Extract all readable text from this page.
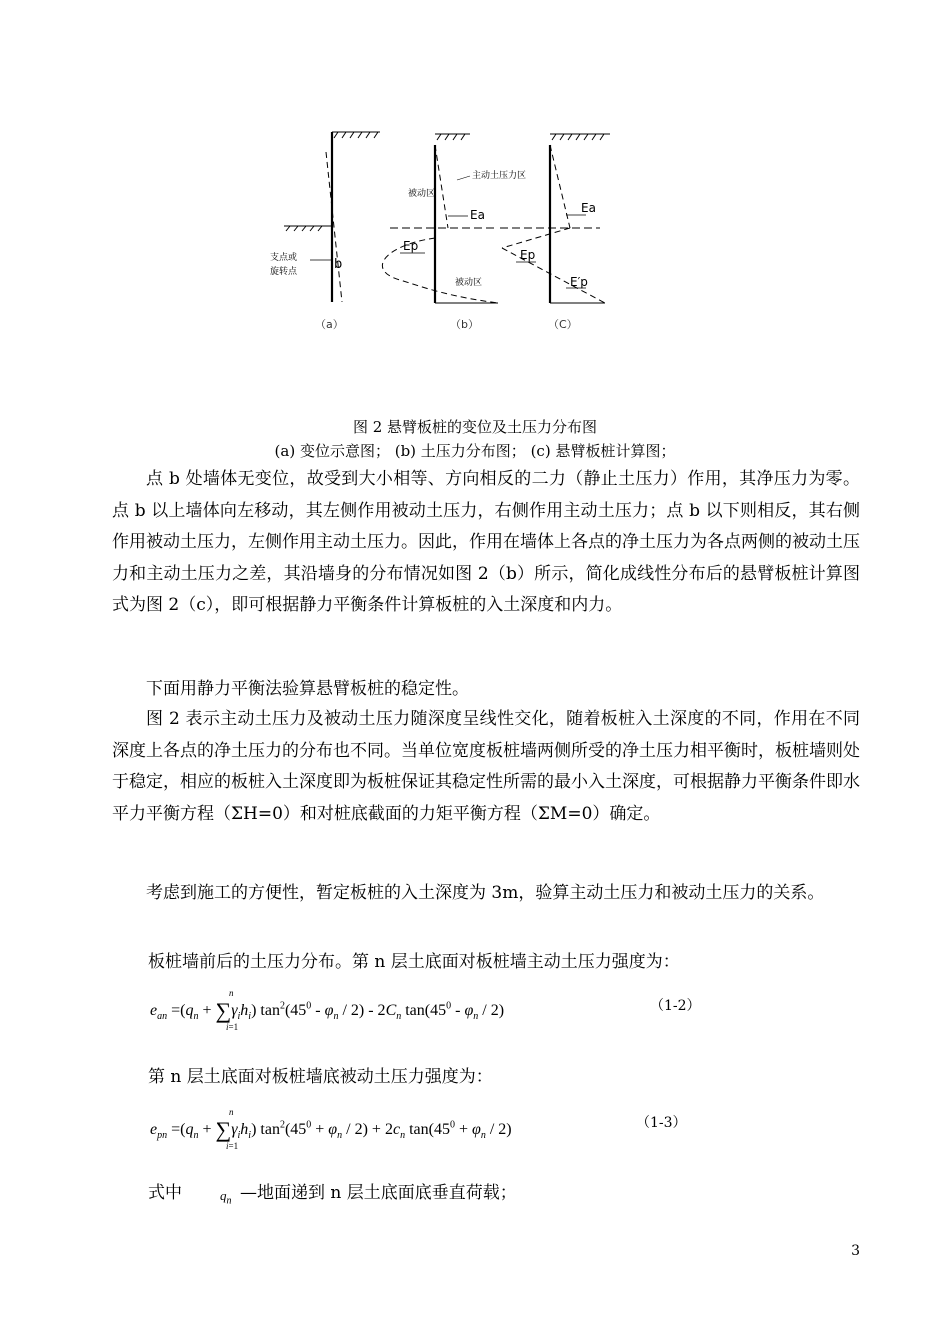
支点或
旋转点	b
被动区
主动土压力区
Ea
Ep
被动区
Ea
Ep
E′p
（a）	（b）	（C）
图 2 悬臂板桩的变位及土压力分布图
(a) 变位示意图； (b) 土压力分布图； (c) 悬臂板桩计算图；

点 b 处墙体无变位，故受到大小相等、方向相反的二力（静止土压力）作用，其净压力为零。点 b 以上墙体向左移动，其左侧作用被动土压力，右侧作用主动土压力；点 b 以下则相反，其右侧作用被动土压力，左侧作用主动土压力。因此，作用在墙体上各点的净土压力为各点两侧的被动土压力和主动土压力之差，其沿墙身的分布情况如图 2（b）所示，简化成线性分布后的悬臂板桩计算图式为图 2（c），即可根据静力平衡条件计算板桩的入土深度和内力。

下面用静力平衡法验算悬臂板桩的稳定性。

图 2 表示主动土压力及被动土压力随深度呈线性交化，随着板桩入土深度的不同，作用在不同深度上各点的净土压力的分布也不同。当单位宽度板桩墙两侧所受的净土压力相平衡时，板桩墙则处于稳定，相应的板桩入土深度即为板桩保证其稳定性所需的最小入土深度，可根据静力平衡条件即水平力平衡方程（ΣH=0）和对桩底截面的力矩平衡方程（ΣM=0）确定。

考虑到施工的方便性，暂定板桩的入土深度为 3m，验算主动土压力和被动土压力的关系。

板桩墙前后的土压力分布。第 n 层土底面对板桩墙主动土压力强度为：
$e_{an} =(q_n + \sum\gamma_ih_i)$ $\tan^2(45^0 - \varphi_n / 2) - 2C_n$ $\tan(45^0 - \varphi_n / 2)$
n
i=1
（1-2）
第 n 层土底面对板桩墙底被动土压力强度为：
$e_{pn} =(q_n + \sum\gamma_ih_i) \tan^2(45^0 + \varphi_n / 2) + 2c_n$ $\tan(45^0 + \varphi_n / 2)$
n
i=1
（1-3）
式中	$q_n$ —地面递到 n 层土底面底垂直荷载；
3
